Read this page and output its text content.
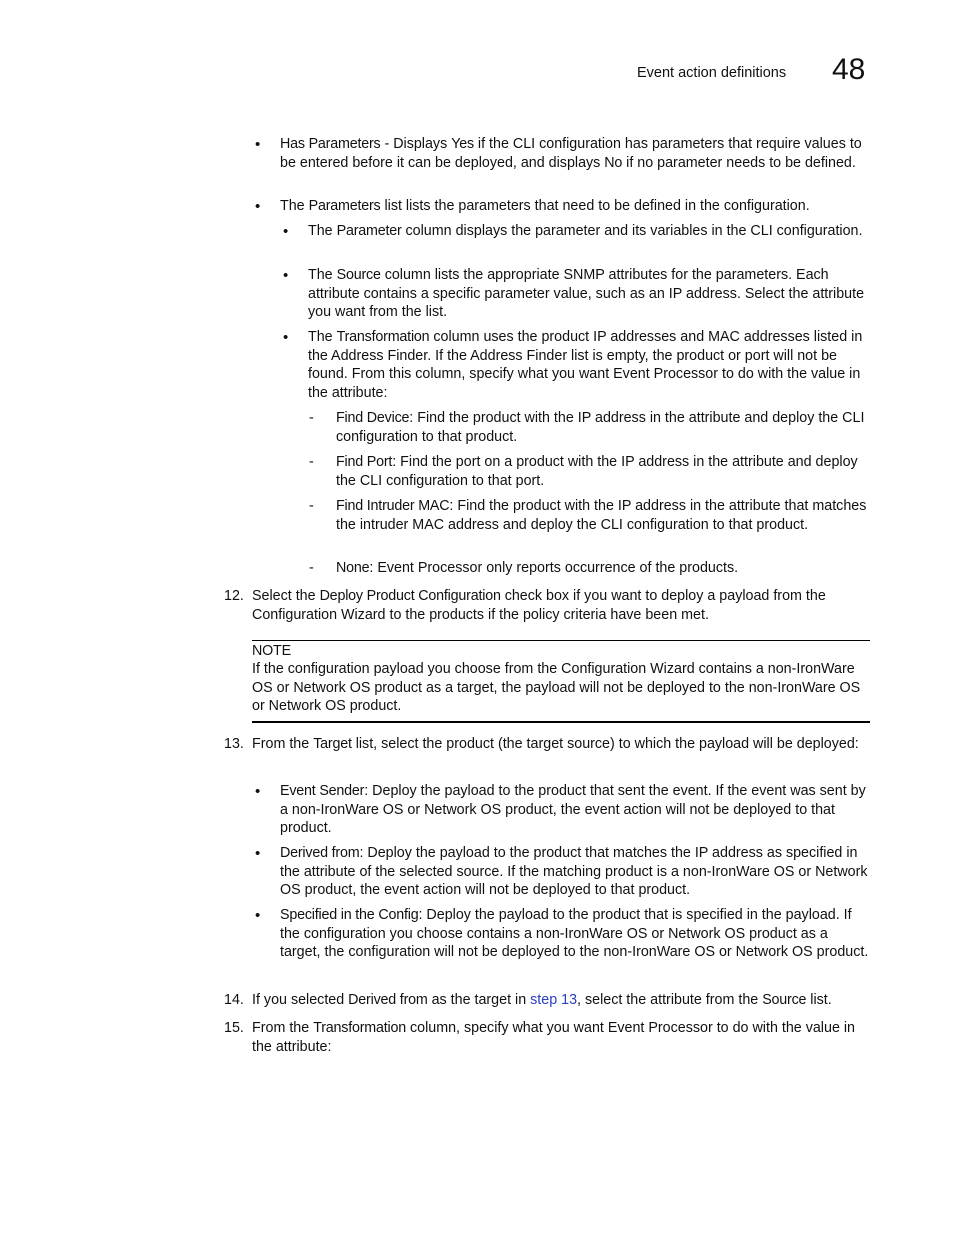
Event action definitions 48
• Has Parameters - Displays Yes if the CLI configuration has parameters that require values to be entered before it can be deployed, and displays No if no parameter needs to be defined.
• The Parameters list lists the parameters that need to be defined in the configuration.
• The Parameter column displays the parameter and its variables in the CLI configuration.
• The Source column lists the appropriate SNMP attributes for the parameters. Each attribute contains a specific parameter value, such as an IP address. Select the attribute you want from the list.
• The Transformation column uses the product IP addresses and MAC addresses listed in the Address Finder. If the Address Finder list is empty, the product or port will not be found. From this column, specify what you want Event Processor to do with the value in the attribute:
- Find Device: Find the product with the IP address in the attribute and deploy the CLI configuration to that product.
- Find Port: Find the port on a product with the IP address in the attribute and deploy the CLI configuration to that port.
- Find Intruder MAC: Find the product with the IP address in the attribute that matches the intruder MAC address and deploy the CLI configuration to that product.
- None: Event Processor only reports occurrence of the products.
12. Select the Deploy Product Configuration check box if you want to deploy a payload from the Configuration Wizard to the products if the policy criteria have been met.
NOTE
If the configuration payload you choose from the Configuration Wizard contains a non-IronWare OS or Network OS product as a target, the payload will not be deployed to the non-IronWare OS or Network OS product.
13. From the Target list, select the product (the target source) to which the payload will be deployed:
• Event Sender: Deploy the payload to the product that sent the event. If the event was sent by a non-IronWare OS or Network OS product, the event action will not be deployed to that product.
• Derived from: Deploy the payload to the product that matches the IP address as specified in the attribute of the selected source. If the matching product is a non-IronWare OS or Network OS product, the event action will not be deployed to that product.
• Specified in the Config: Deploy the payload to the product that is specified in the payload. If the configuration you choose contains a non-IronWare OS or Network OS product as a target, the configuration will not be deployed to the non-IronWare OS or Network OS product.
14. If you selected Derived from as the target in step 13, select the attribute from the Source list.
15. From the Transformation column, specify what you want Event Processor to do with the value in the attribute:
